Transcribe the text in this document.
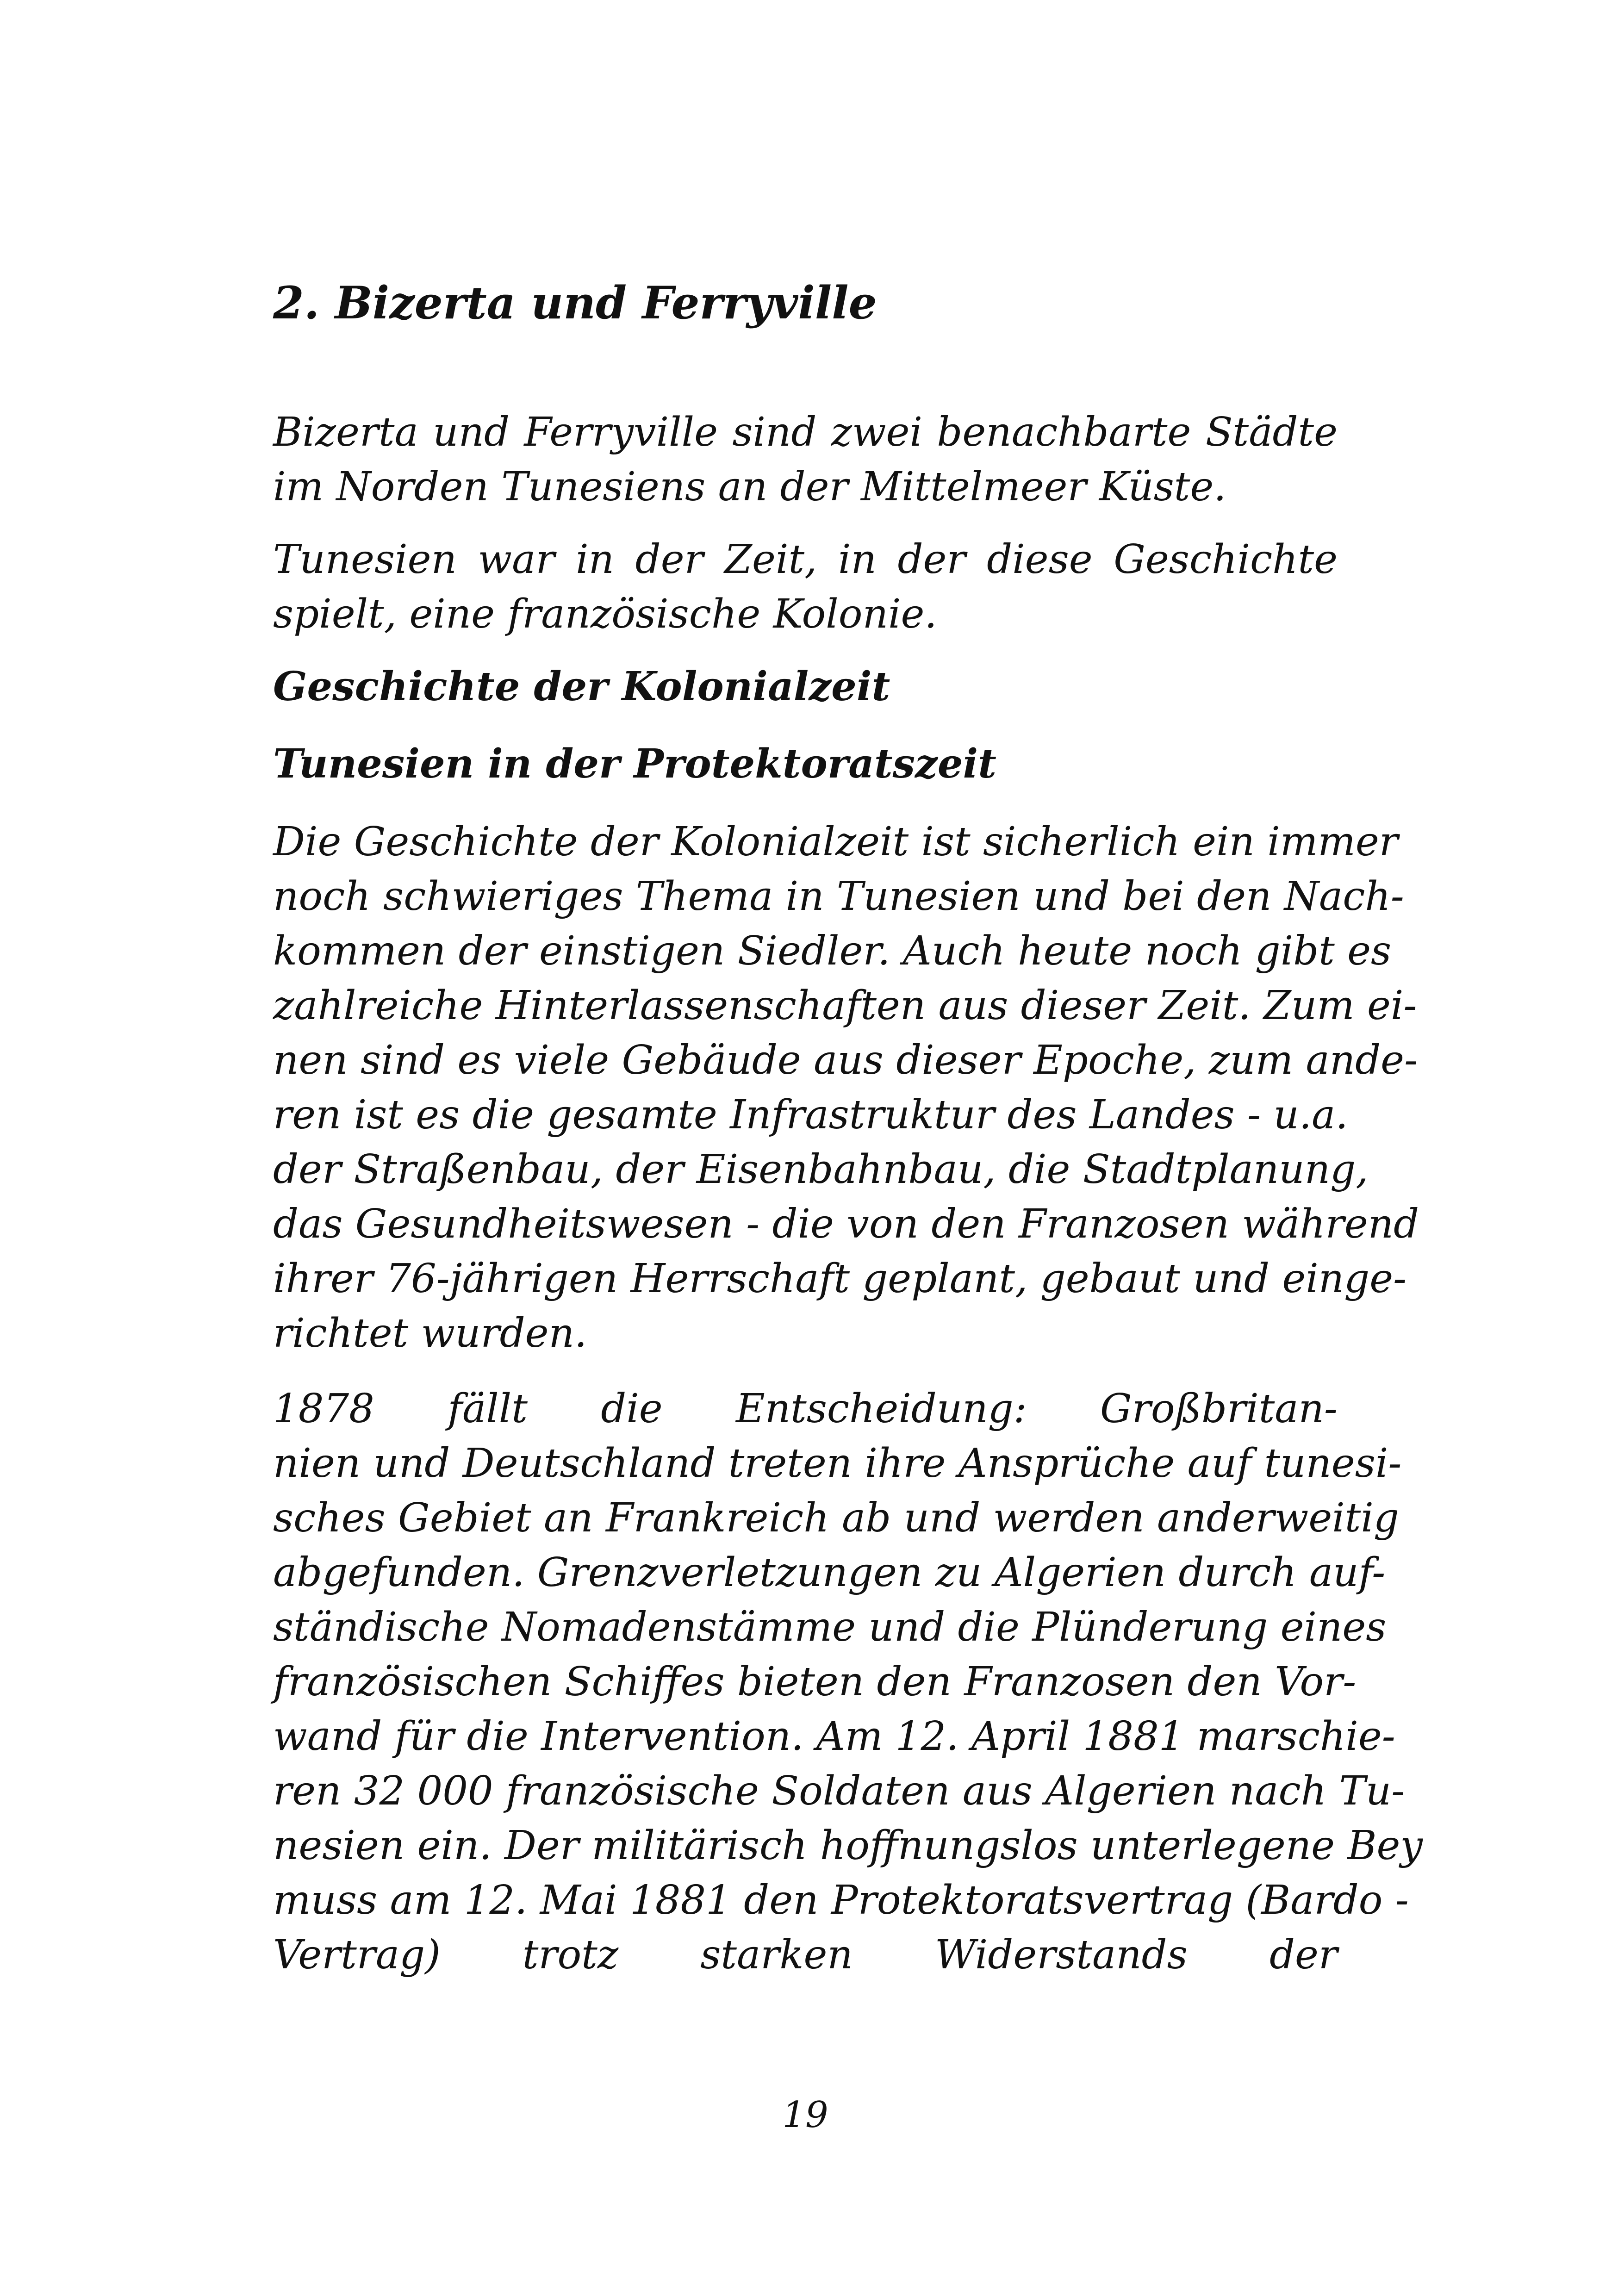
2. Bizerta und Ferryville

Bizerta und Ferryville sind zwei benachbarte Städte im Norden Tunesiens an der Mittelmeer Küste.

Tunesien war in der Zeit, in der diese Geschichte spielt, eine französische Kolonie.

Geschichte der Kolonialzeit
Tunesien in der Protektoratszeit
Die Geschichte der Kolonialzeit ist sicherlich ein immer
noch schwieriges Thema in Tunesien und bei den Nach-
kommen der einstigen Siedler. Auch heute noch gibt es
zahlreiche Hinterlassenschaften aus dieser Zeit. Zum ei-
nen sind es viele Gebäude aus dieser Epoche, zum ande-
ren ist es die gesamte Infrastruktur des Landes - u.a.
der Straßenbau, der Eisenbahnbau, die Stadtplanung,
das Gesundheitswesen - die von den Franzosen während
ihrer 76-jährigen Herrschaft geplant, gebaut und einge-
richtet wurden.
1878 fällt die Entscheidung: Großbritan-
nien und Deutschland treten ihre Ansprüche auf tunesi-
sches Gebiet an Frankreich ab und werden anderweitig
abgefunden. Grenzverletzungen zu Algerien durch auf-
ständische Nomadenstämme und die Plünderung eines
französischen Schiffes bieten den Franzosen den Vor-
wand für die Intervention. Am 12. April 1881 marschie-
ren 32 000 französische Soldaten aus Algerien nach Tu-
nesien ein. Der militärisch hoffnungslos unterlegene Bey
muss am 12. Mai 1881 den Protektoratsvertrag (Bardo -
Vertrag) trotz starken Widerstands der
19
